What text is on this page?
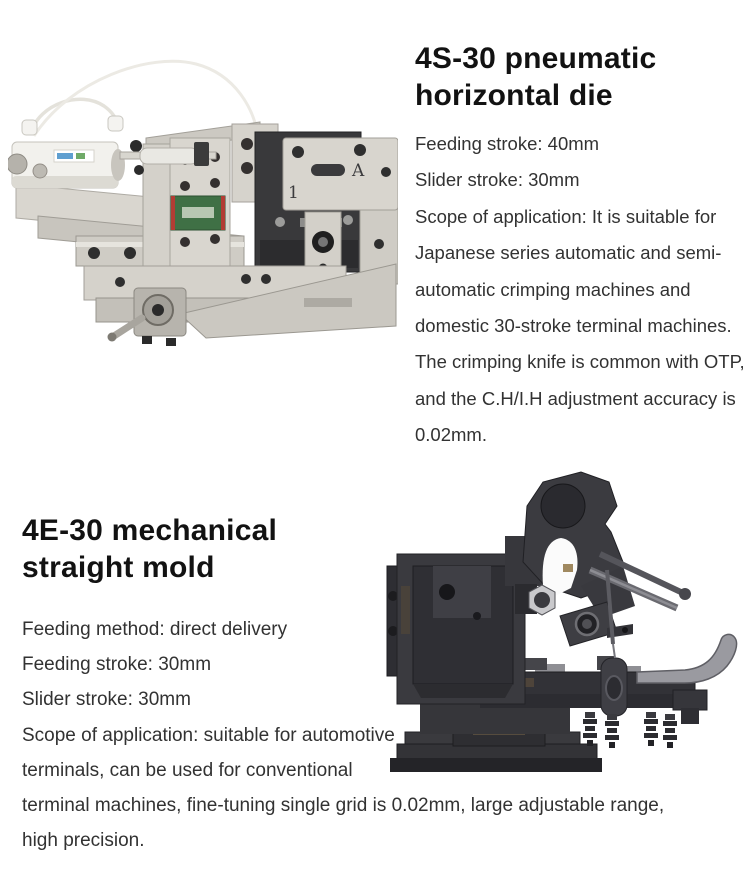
1
A
4S-30 pneumatic horizontal die
Feeding stroke: 40mm
Slider stroke: 30mm
Scope of application: It is suitable for
Japanese series automatic and semi-
automatic crimping machines and
domestic 30-stroke terminal machines.
The crimping knife is common with OTP,
and the C.H/I.H adjustment accuracy is
0.02mm.
4E-30 mechanical straight mold
Feeding method: direct delivery
Feeding stroke: 30mm
Slider stroke: 30mm
Scope of application: suitable for automotive
terminals, can be used for conventional
terminal machines, fine-tuning single grid is 0.02mm, large adjustable range,
high precision.
